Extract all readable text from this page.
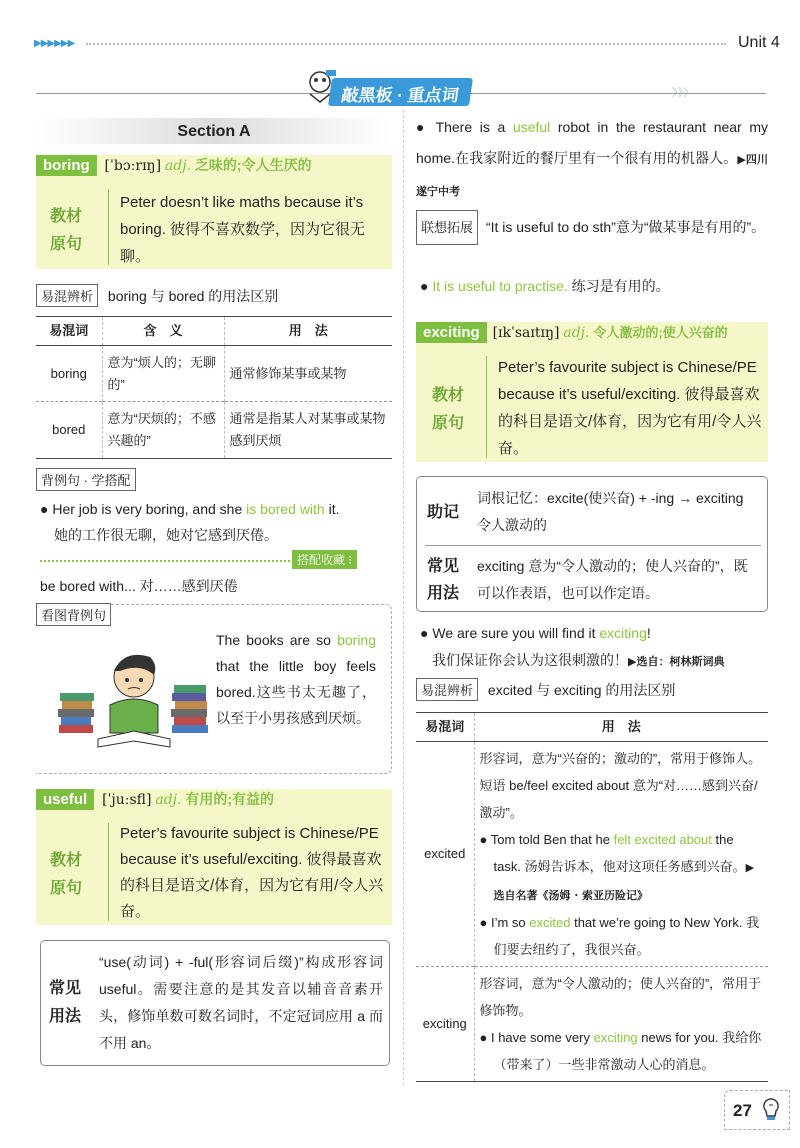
▶▶▶▶▶▶	Unit 4
敲黑板 · 重点词	》》》
Section A
boring [ˈbɔːrɪŋ] adj. 乏味的;令人生厌的
教材
原句
Peter doesn’t like maths because it’s boring. 彼得不喜欢数学，因为它很无聊。
易混辨析 boring 与 bored 的用法区别
易混词	含　义	用　法
boring	意为“烦人的；无聊的”	通常修饰某事或某物
bored	意为“厌烦的；不感兴趣的”	通常是指某人对某事或某物感到厌烦
背例句 · 学搭配
● Her job is very boring, and she is bored with it.
她的工作很无聊，她对它感到厌倦。
搭配收藏 ⁝
be bored with... 对……感到厌倦
看图背例句
The books are so boring that the little boy feels bored.这些书太无趣了，以至于小男孩感到厌烦。
useful [ˈjuːsfl] adj. 有用的;有益的
教材
原句
Peter’s favourite subject is Chinese/PE because it’s useful/exciting. 彼得最喜欢的科目是语文/体育，因为它有用/令人兴奋。
常见
用法
“use(动词) + -ful(形容词后缀)”构成形容词 useful。需要注意的是其发音以辅音音素开头，修饰单数可数名词时，不定冠词应用 a 而不用 an。
● There is a useful robot in the restaurant near my home.在我家附近的餐厅里有一个很有用的机器人。▶四川遂宁中考
联想拓展 “It is useful to do sth”意为“做某事是有用的”。
● It is useful to practise. 练习是有用的。
exciting [ɪkˈsaɪtɪŋ] adj. 令人激动的;使人兴奋的
教材
原句
Peter’s favourite subject is Chinese/PE because it’s useful/exciting. 彼得最喜欢的科目是语文/体育，因为它有用/令人兴奋。
助记
词根记忆：excite(使兴奋) + -ing → exciting 令人激动的
常见
用法
exciting 意为“令人激动的；使人兴奋的”，既可以作表语，也可以作定语。
● We are sure you will find it exciting!
我们保证你会认为这很刺激的！▶选自：柯林斯词典
易混辨析 excited 与 exciting 的用法区别
易混词	用　法
excited	形容词，意为“兴奋的；激动的”，常用于修饰人。短语 be/feel excited about 意为“对……感到兴奋/激动”。
● Tom told Ben that he felt excited about the task. 汤姆告诉本，他对这项任务感到兴奋。▶选自名著《汤姆 · 索亚历险记》
● I’m so excited that we’re going to New York. 我们要去纽约了，我很兴奋。

exciting	形容词，意为“令人激动的；使人兴奋的”，常用于修饰物。
● I have some very exciting news for you. 我给你（带来了）一些非常激动人心的消息。
27
